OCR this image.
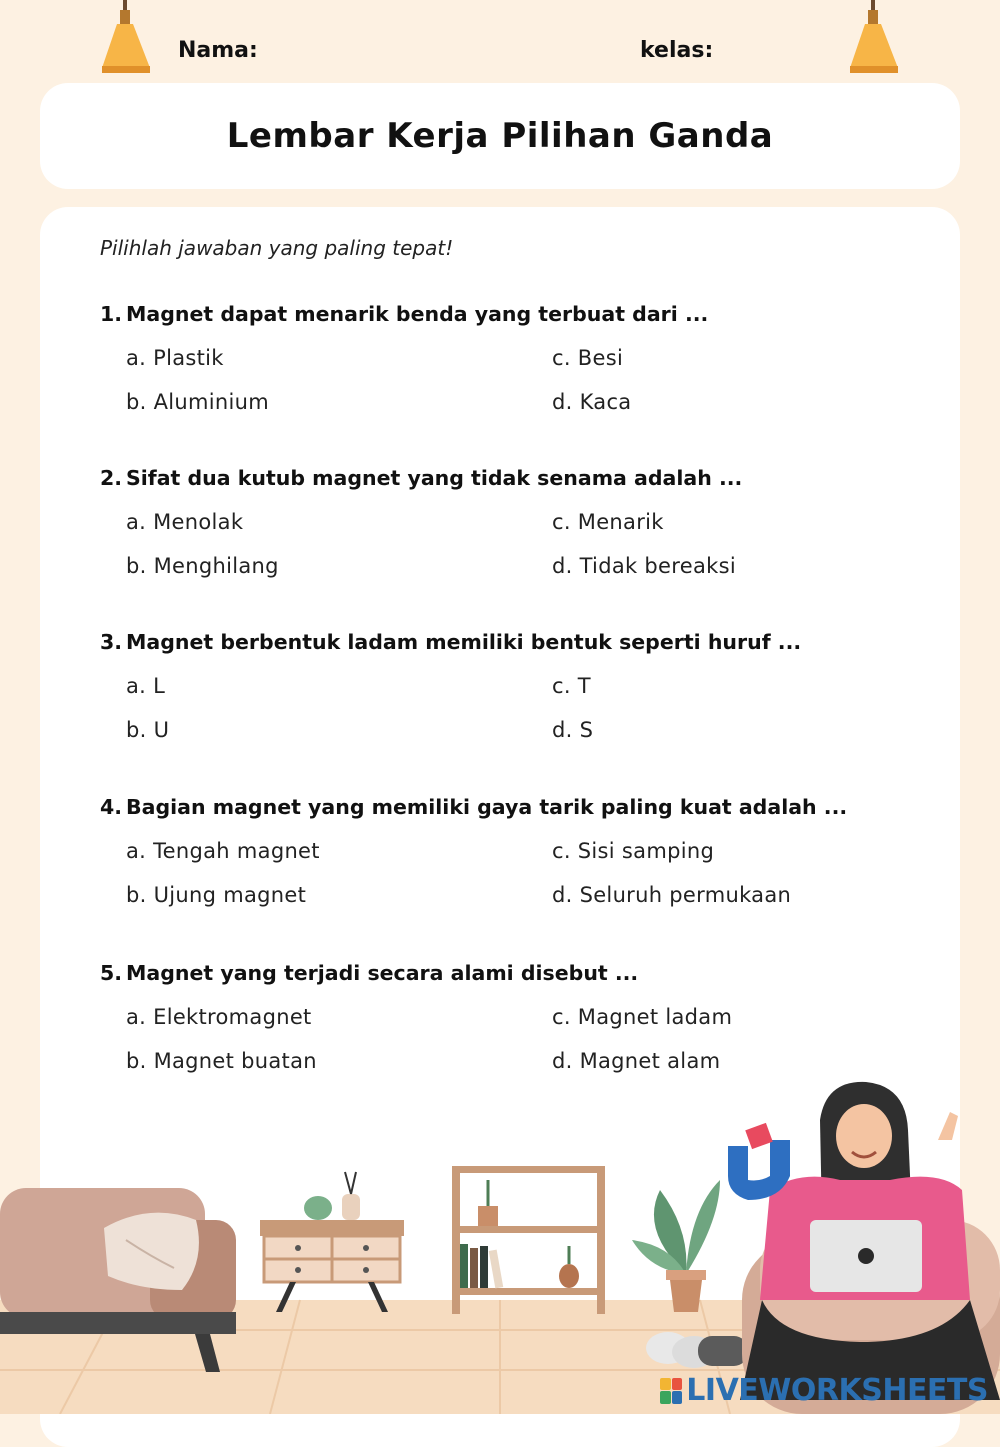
Nama:	kelas:
Lembar Kerja Pilihan Ganda
Pilihlah jawaban yang paling tepat!
1. Magnet dapat menarik benda yang terbuat dari ...
a. Plastik
b. Aluminium
c. Besi
d. Kaca
2. Sifat dua kutub magnet yang tidak senama adalah ...
a. Menolak
b. Menghilang
c. Menarik
d. Tidak bereaksi
3. Magnet berbentuk ladam memiliki bentuk seperti huruf ...
a. L
b. U
c. T
d. S
4. Bagian magnet yang memiliki gaya tarik paling kuat adalah ...
a. Tengah magnet
b. Ujung magnet
c. Sisi samping
d. Seluruh permukaan
5. Magnet yang terjadi secara alami disebut ...
a. Elektromagnet
b. Magnet buatan
c. Magnet ladam
d. Magnet alam
LIVEWORKSHEETS
